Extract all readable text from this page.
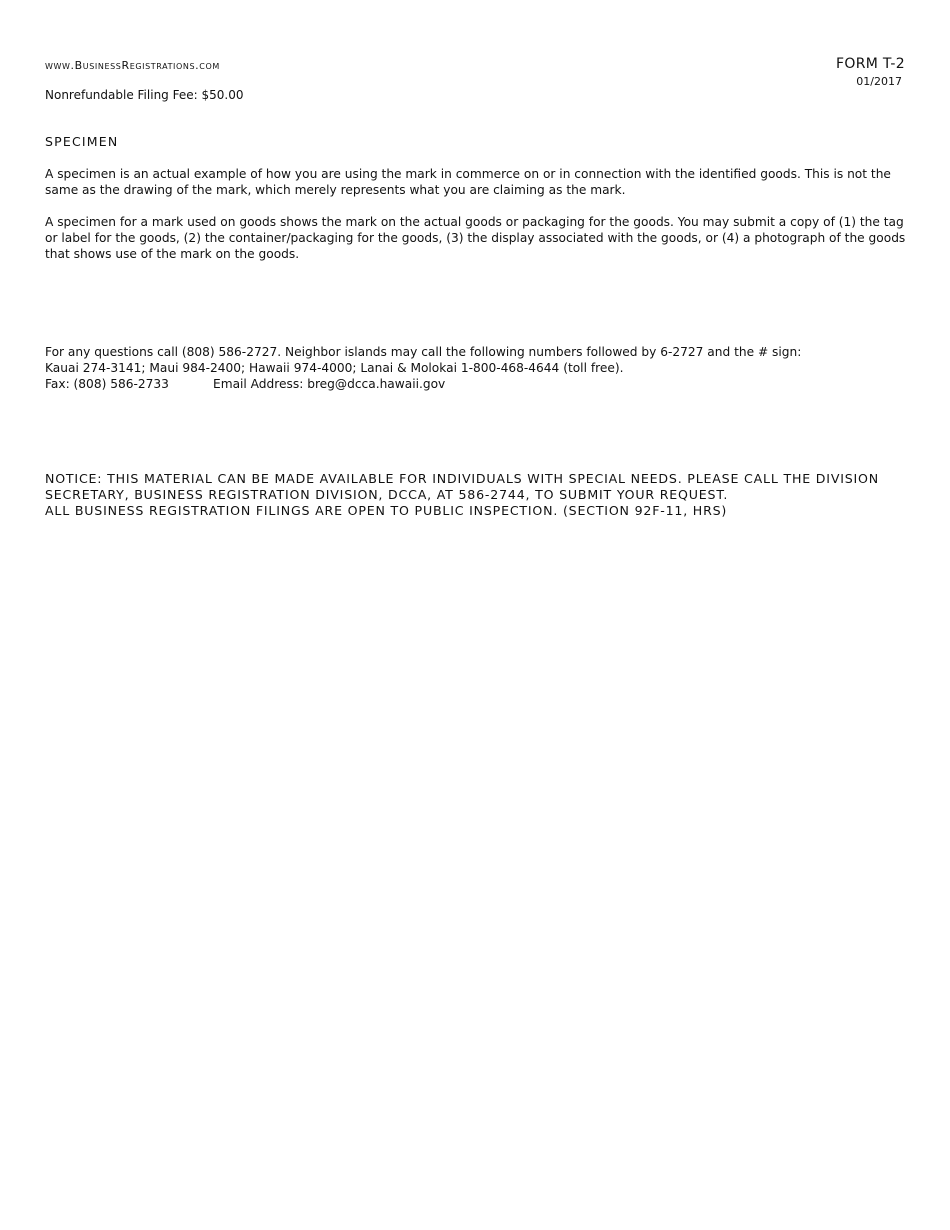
www.BusinessRegistrations.com
Nonrefundable Filing Fee: $50.00
FORM T-2
01/2017
SPECIMEN
A specimen is an actual example of how you are using the mark in commerce on or in connection with the identified goods. This is not the same as the drawing of the mark, which merely represents what you are claiming as the mark.
A specimen for a mark used on goods shows the mark on the actual goods or packaging for the goods. You may submit a copy of (1) the tag or label for the goods, (2) the container/packaging for the goods, (3) the display associated with the goods, or (4) a photograph of the goods that shows use of the mark on the goods.
For any questions call (808) 586-2727. Neighbor islands may call the following numbers followed by 6-2727 and the # sign:
Kauai 274-3141; Maui 984-2400; Hawaii 974-4000; Lanai & Molokai 1-800-468-4644 (toll free).
Fax: (808) 586-2733	Email Address: breg@dcca.hawaii.gov
NOTICE: THIS MATERIAL CAN BE MADE AVAILABLE FOR INDIVIDUALS WITH SPECIAL NEEDS. PLEASE CALL THE DIVISION
SECRETARY, BUSINESS REGISTRATION DIVISION, DCCA, AT 586-2744, TO SUBMIT YOUR REQUEST.
ALL BUSINESS REGISTRATION FILINGS ARE OPEN TO PUBLIC INSPECTION. (SECTION 92F-11, HRS)
